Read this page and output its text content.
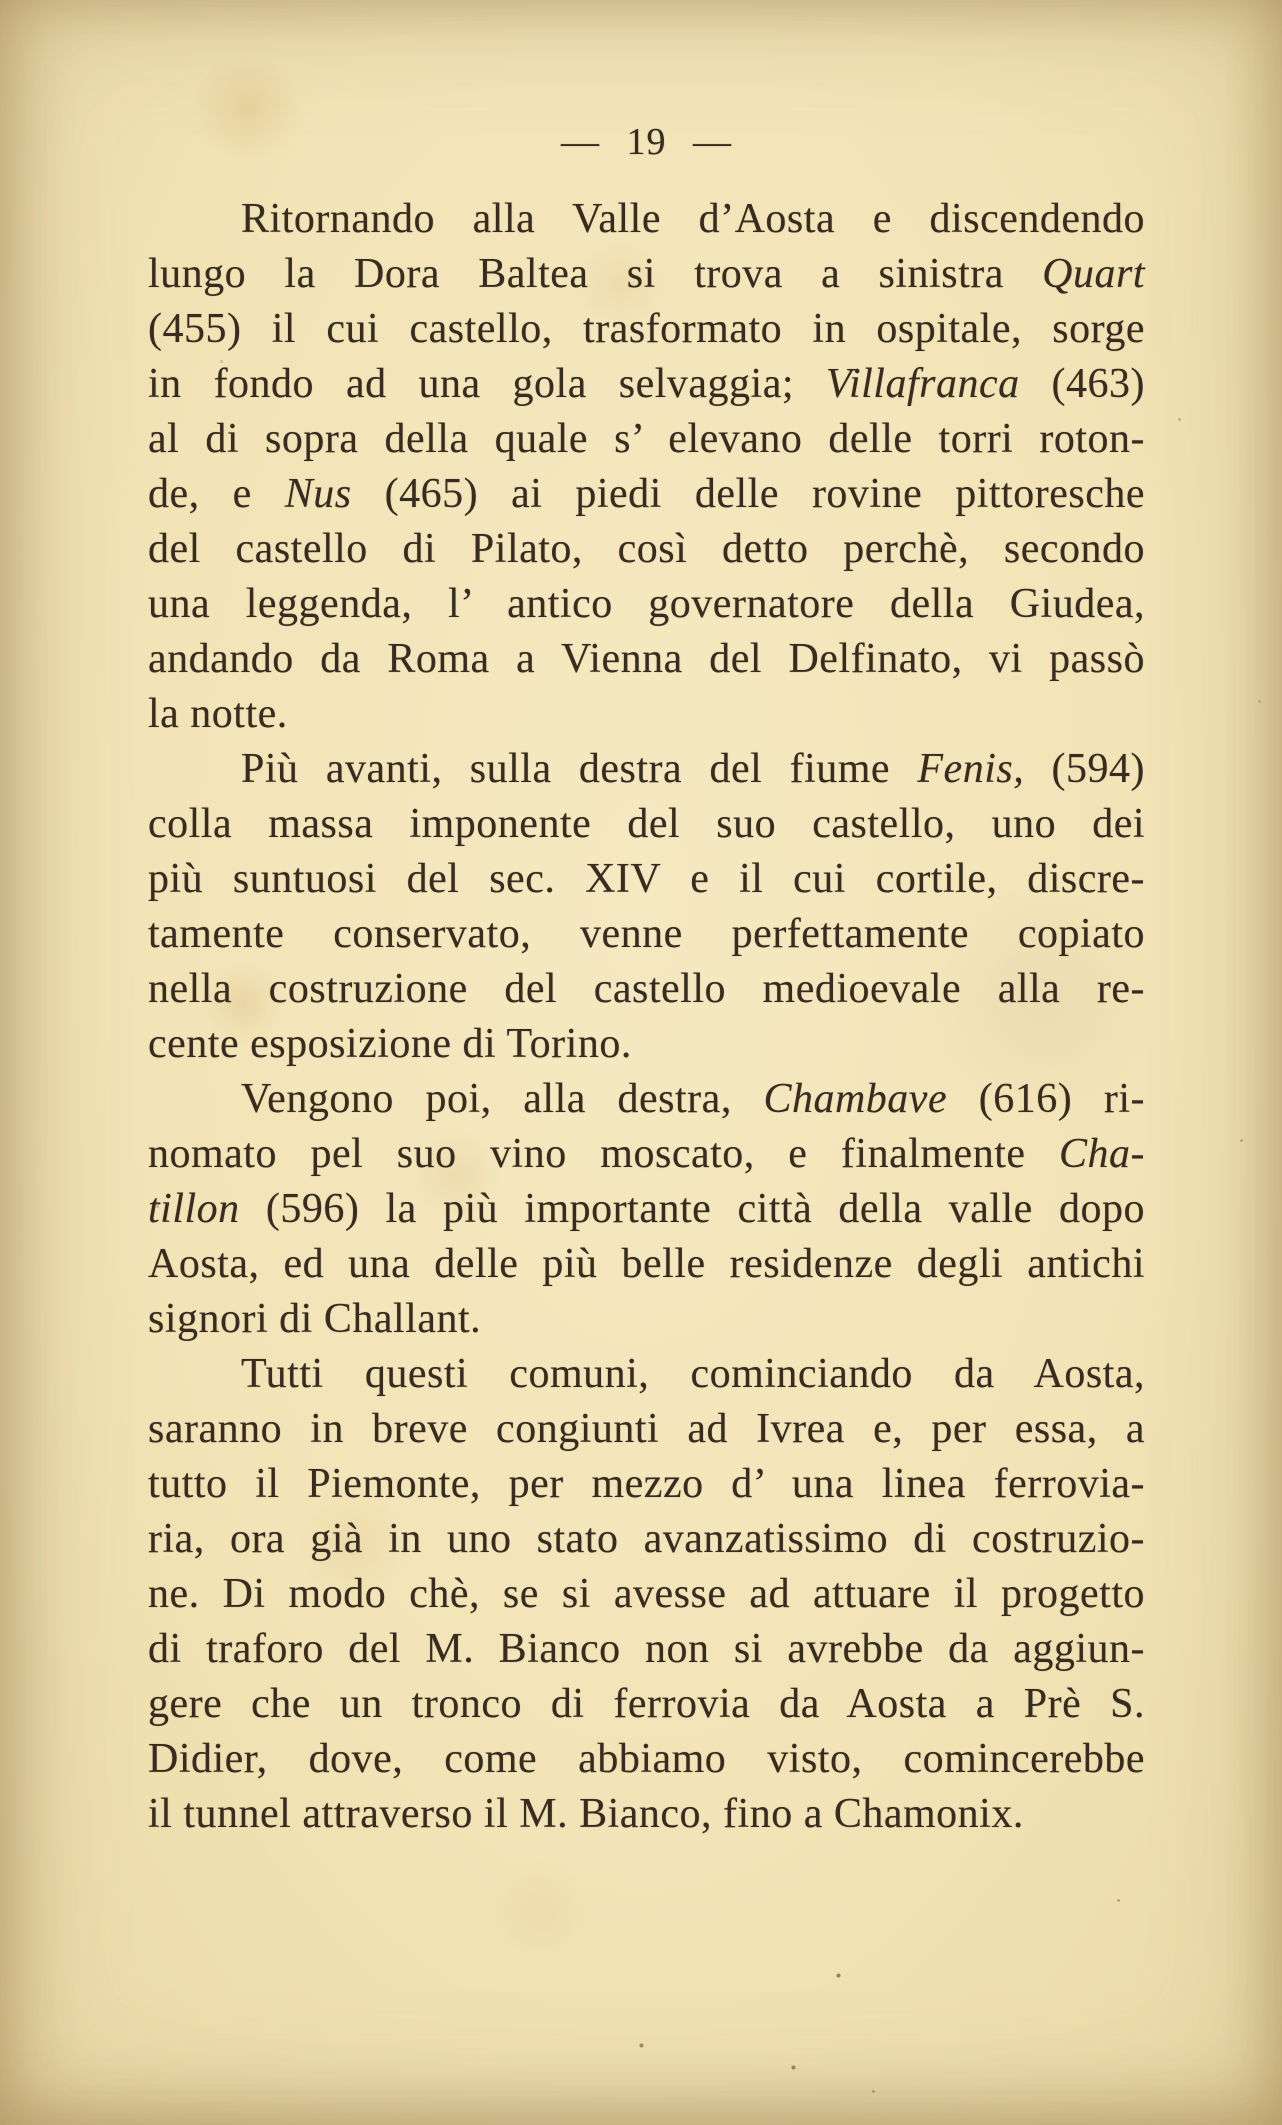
— 19 —
Ritornando alla Valle d’Aosta e discendendo
lungo la Dora Baltea si trova a sinistra Quart
(455) il cui castello, trasformato in ospitale, sorge
in fondo ad una gola selvaggia; Villafranca (463)
al di sopra della quale s’ elevano delle torri roton-
de, e Nus (465) ai piedi delle rovine pittoresche
del castello di Pilato, così detto perchè, secondo
una leggenda, l’ antico governatore della Giudea,
andando da Roma a Vienna del Delfinato, vi passò
la notte.
Più avanti, sulla destra del fiume Fenis, (594)
colla massa imponente del suo castello, uno dei
più suntuosi del sec. XIV e il cui cortile, discre-
tamente conservato, venne perfettamente copiato
nella costruzione del castello medioevale alla re-
cente esposizione di Torino.
Vengono poi, alla destra, Chambave (616) ri-
nomato pel suo vino moscato, e finalmente Cha-
tillon (596) la più importante città della valle dopo
Aosta, ed una delle più belle residenze degli antichi
signori di Challant.
Tutti questi comuni, cominciando da Aosta,
saranno in breve congiunti ad Ivrea e, per essa, a
tutto il Piemonte, per mezzo d’ una linea ferrovia-
ria, ora già in uno stato avanzatissimo di costruzio-
ne. Di modo chè, se si avesse ad attuare il progetto
di traforo del M. Bianco non si avrebbe da aggiun-
gere che un tronco di ferrovia da Aosta a Prè S.
Didier, dove, come abbiamo visto, comincerebbe
il tunnel attraverso il M. Bianco, fino a Chamonix.
